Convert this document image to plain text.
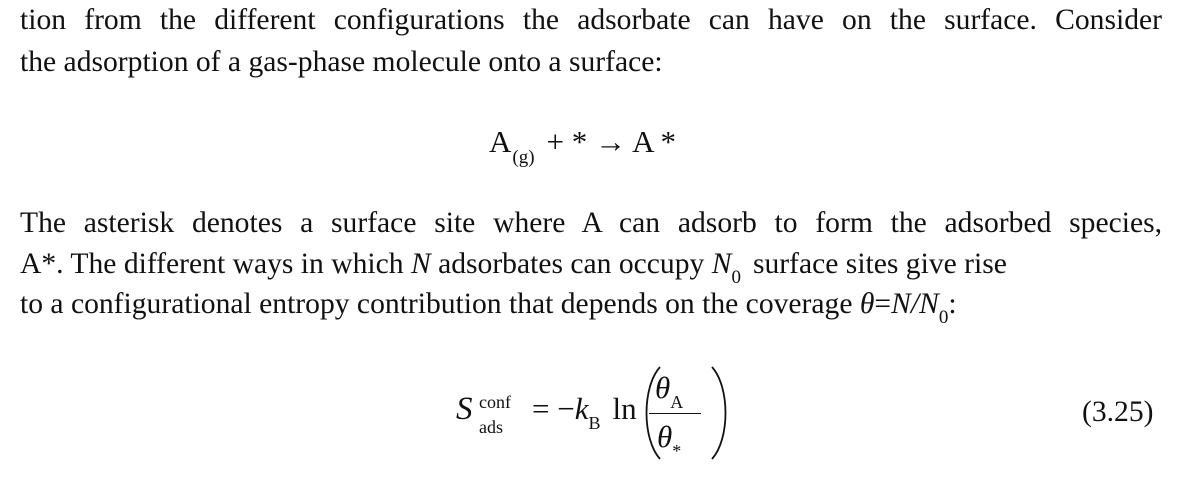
tion from the different configurations the adsorbate can have on the surface. Consider
the adsorption of a gas-phase molecule onto a surface:
$A_{(g)}$ + * → A *
The asterisk denotes a surface site where A can adsorb to form the adsorbed species,
A*. The different ways in which N adsorbates can occupy $N_0$ surface sites give rise
to a configurational entropy contribution that depends on the coverage $\theta=N/N_0$:
S conf
ads
= $-k_B$ ln
$\theta_A$
$\theta_*$
(3.25)
